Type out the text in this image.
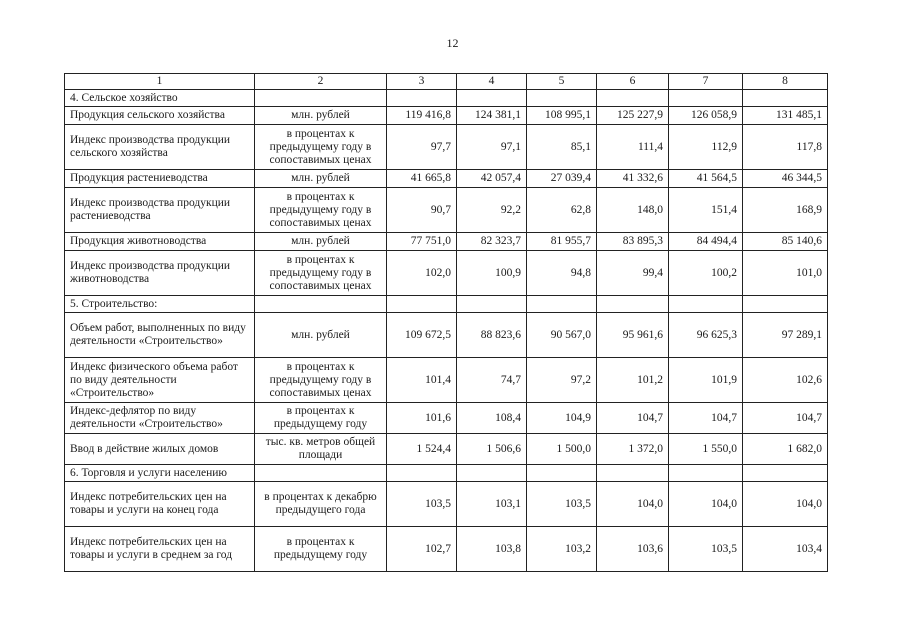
12
1	2	3	4	5	6	7	8
4. Сельское хозяйство							
Продукция сельского хозяйства	млн. рублей	119 416,8	124 381,1	108 995,1	125 227,9	126 058,9	131 485,1
Индекс производства продукции сельского хозяйства	в процентах к предыдущему году в сопоставимых ценах	97,7	97,1	85,1	111,4	112,9	117,8
Продукция растениеводства	млн. рублей	41 665,8	42 057,4	27 039,4	41 332,6	41 564,5	46 344,5
Индекс производства продукции растениеводства	в процентах к предыдущему году в сопоставимых ценах	90,7	92,2	62,8	148,0	151,4	168,9
Продукция животноводства	млн. рублей	77 751,0	82 323,7	81 955,7	83 895,3	84 494,4	85 140,6
Индекс производства продукции животноводства	в процентах к предыдущему году в сопоставимых ценах	102,0	100,9	94,8	99,4	100,2	101,0
5. Строительство:							
Объем работ, выполненных по виду деятельности «Строительство»	млн. рублей	109 672,5	88 823,6	90 567,0	95 961,6	96 625,3	97 289,1
Индекс физического объема работ по виду деятельности «Строительство»	в процентах к предыдущему году в сопоставимых ценах	101,4	74,7	97,2	101,2	101,9	102,6
Индекс-дефлятор по виду деятельности «Строительство»	в процентах к предыдущему году	101,6	108,4	104,9	104,7	104,7	104,7
Ввод в действие жилых домов	тыс. кв. метров общей площади	1 524,4	1 506,6	1 500,0	1 372,0	1 550,0	1 682,0
6. Торговля и услуги населению							
Индекс потребительских цен на товары и услуги на конец года	в процентах к декабрю предыдущего года	103,5	103,1	103,5	104,0	104,0	104,0
Индекс потребительских цен на товары и услуги в среднем за год	в процентах к предыдущему году	102,7	103,8	103,2	103,6	103,5	103,4
